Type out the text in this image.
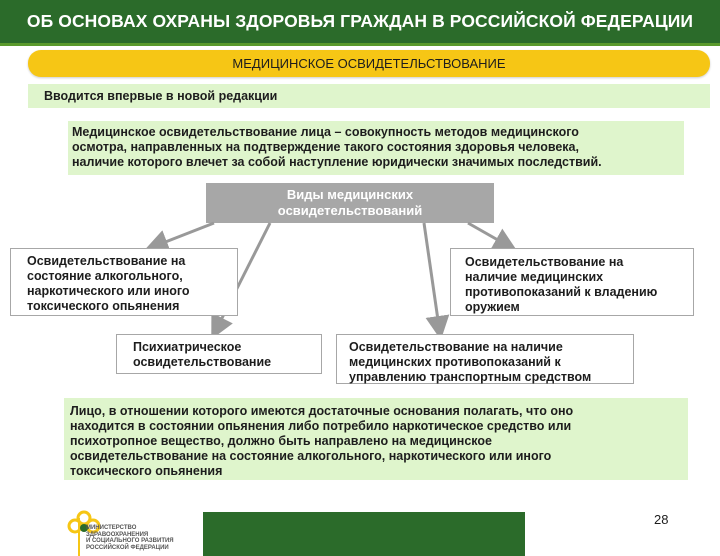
ОБ ОСНОВАХ ОХРАНЫ ЗДОРОВЬЯ ГРАЖДАН В РОССИЙСКОЙ ФЕДЕРАЦИИ
МЕДИЦИНСКОЕ ОСВИДЕТЕЛЬСТВОВАНИЕ
Вводится впервые в новой редакции
Медицинское освидетельствование лица – совокупность методов медицинского
осмотра, направленных на подтверждение такого состояния здоровья человека,
наличие которого влечет за собой наступление юридически значимых последствий.
Виды медицинских
освидетельствований
Освидетельствование на
состояние алкогольного,
наркотического или иного
токсического опьянения
Освидетельствование на
наличие медицинских
противопоказаний к владению
оружием
Психиатрическое
освидетельствование
Освидетельствование на наличие
медицинских противопоказаний к
управлению транспортным средством
Лицо, в отношении которого имеются достаточные основания полагать, что оно
находится в состоянии опьянения либо потребило наркотическое средство или
психотропное вещество, должно быть направлено на медицинское
освидетельствование на состояние алкогольного, наркотического или иного
токсического опьянения
МИНИСТЕРСТВО
ЗДРАВООХРАНЕНИЯ
И СОЦИАЛЬНОГО РАЗВИТИЯ
РОССИЙСКОЙ ФЕДЕРАЦИИ
28
